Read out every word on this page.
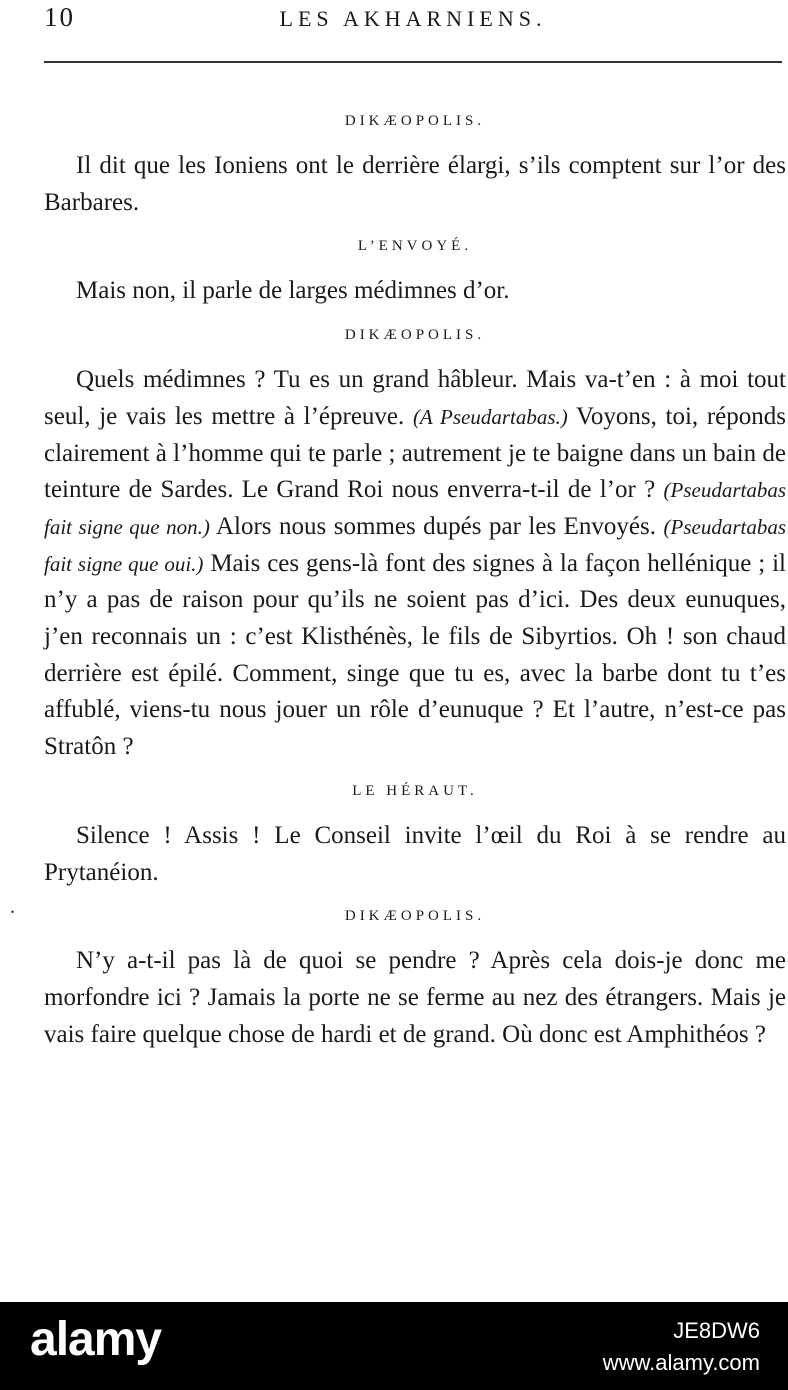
10	LES AKHARNIENS.
.
DIKÆOPOLIS.

Il dit que les Ioniens ont le derrière élargi, s’ils comptent sur l’or des Barbares.

L’ENVOYÉ.

Mais non, il parle de larges médimnes d’or.

DIKÆOPOLIS.

Quels médimnes ? Tu es un grand hâbleur. Mais va-t’en : à moi tout seul, je vais les mettre à l’épreuve. (A Pseudartabas.) Voyons, toi, réponds clairement à l’homme qui te parle ; autrement je te baigne dans un bain de teinture de Sardes. Le Grand Roi nous enverra-t-il de l’or ? (Pseudartabas fait signe que non.) Alors nous sommes dupés par les Envoyés. (Pseudartabas fait signe que oui.) Mais ces gens-là font des signes à la façon hellénique ; il n’y a pas de raison pour qu’ils ne soient pas d’ici. Des deux eunuques, j’en reconnais un : c’est Klisthénès, le fils de Sibyrtios. Oh ! son chaud derrière est épilé. Comment, singe que tu es, avec la barbe dont tu t’es affublé, viens-tu nous jouer un rôle d’eunuque ? Et l’autre, n’est-ce pas Stratôn ?

LE HÉRAUT.

Silence ! Assis ! Le Conseil invite l’œil du Roi à se rendre au Prytanéion.

DIKÆOPOLIS.

N’y a-t-il pas là de quoi se pendre ? Après cela dois-je donc me morfondre ici ? Jamais la porte ne se ferme au nez des étrangers. Mais je vais faire quelque chose de hardi et de grand. Où donc est Amphithéos ?

alamy	JE8DW6
www.alamy.com
